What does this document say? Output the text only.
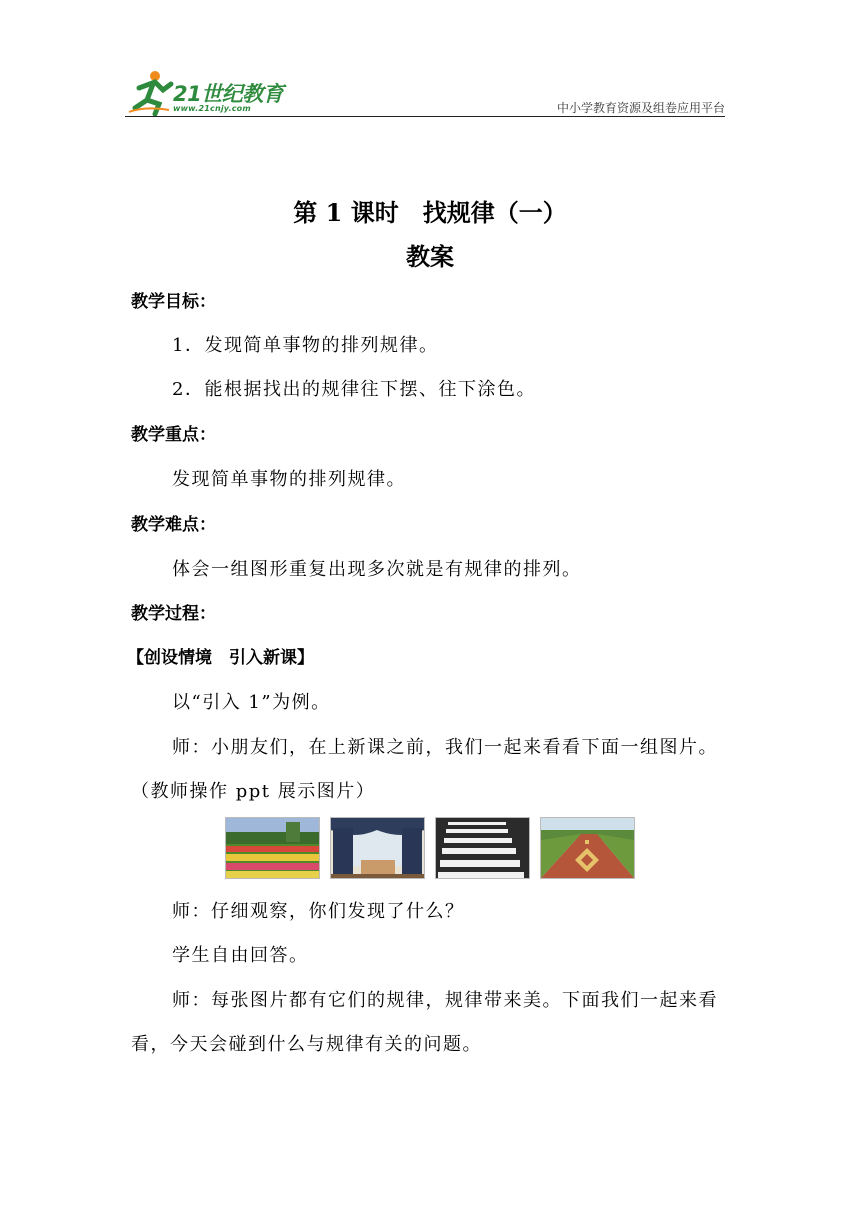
21世纪教育
www.21cnjy.com	中小学教育资源及组卷应用平台
第 1 课时　找规律（一）
教案
教学目标：
1．发现简单事物的排列规律。
2．能根据找出的规律往下摆、往下涂色。
教学重点：
发现简单事物的排列规律。
教学难点：
体会一组图形重复出现多次就是有规律的排列。
教学过程：
【创设情境　引入新课】
以“引入 1”为例。
师：小朋友们，在上新课之前，我们一起来看看下面一组图片。
（教师操作 ppt 展示图片）
师：仔细观察，你们发现了什么？
学生自由回答。
师：每张图片都有它们的规律，规律带来美。下面我们一起来看
看，今天会碰到什么与规律有关的问题。
